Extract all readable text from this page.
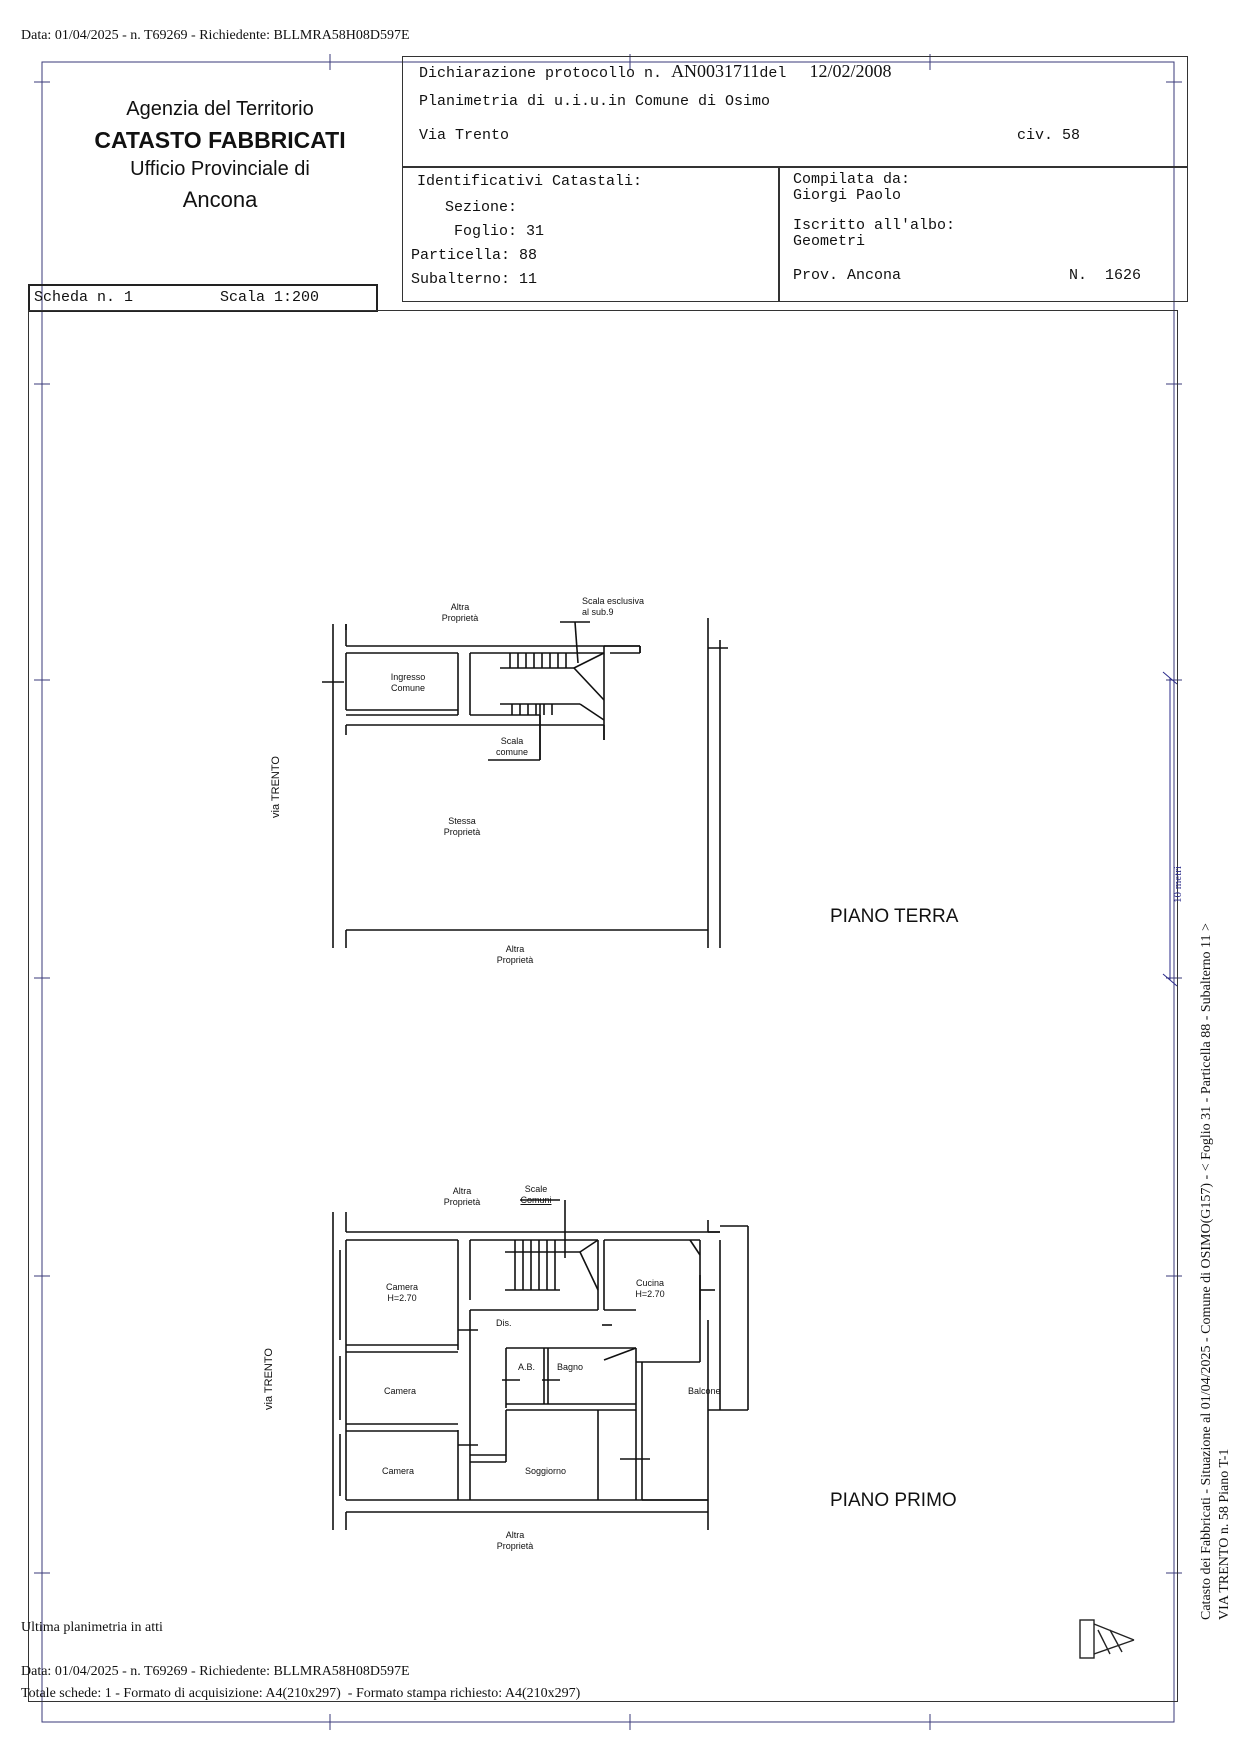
Data: 01/04/2025 - n. T69269 - Richiedente: BLLMRA58H08D597E
Agenzia del Territorio
CATASTO FABBRICATI
Ufficio Provinciale di
Ancona
Dichiarazione protocollo n. AN0031711del 12/02/2008
Planimetria di u.i.u.in Comune di Osimo
Via Trento	civ. 58
Identificativi Catastali:
Sezione:
Foglio: 31
Particella: 88
Subalterno: 11
Compilata da:
Giorgi Paolo
Iscritto all'albo:
Geometri
Prov. Ancona	N.  1626
Scheda n. 1	Scala 1:200
Altra
Proprietà
Scala esclusiva
al sub.9
Ingresso
Comune
Scala
comune
via TRENTO
Stessa
Proprietà
Altra
Proprietà
PIANO TERRA
Altra
Proprietà
Scale
Comuni
Camera
H=2.70
Cucina
H=2.70
Dis.
A.B. Bagno
Camera	Balcone
via TRENTO
Camera	Soggiorno
Altra
Proprietà
PIANO PRIMO
10 metri
Catasto dei Fabbricati - Situazione al 01/04/2025 - Comune di OSIMO(G157) - < Foglio 31 - Particella 88 - Subalterno 11 > VIA TRENTO n. 58 Piano T-1
Ultima planimetria in atti
Data: 01/04/2025 - n. T69269 - Richiedente: BLLMRA58H08D597E
Totale schede: 1 - Formato di acquisizione: A4(210x297)  - Formato stampa richiesto: A4(210x297)
